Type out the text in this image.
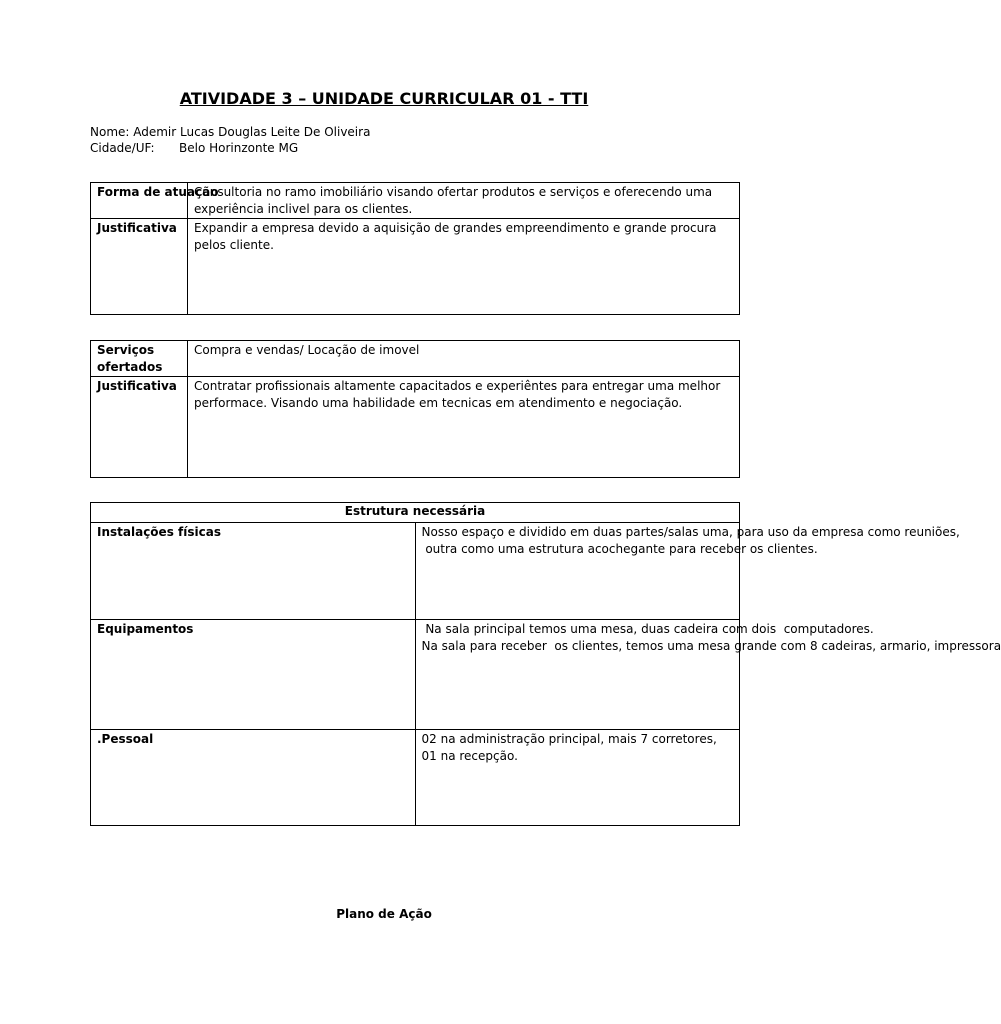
ATIVIDADE 3 – UNIDADE CURRICULAR 01 - TTI
Nome: Ademir Lucas Douglas Leite De Oliveira
Cidade/UF: Belo Horinzonte MG
Forma de atuação	Consultoria no ramo imobiliário visando ofertar produtos e serviços e oferecendo uma experiência inclivel para os clientes.
Justificativa	Expandir a empresa devido a aquisição de grandes empreendimento e grande procura pelos cliente.
Serviços ofertados	Compra e vendas/ Locação de imovel
Justificativa	Contratar profissionais altamente capacitados e experiêntes para entregar uma melhor performace. Visando uma habilidade em tecnicas em atendimento e negociação.
Estrutura necessária	
Instalações físicas	Nosso espaço e dividido em duas partes/salas uma, para uso da empresa como reuniões,
outra como uma estrutura acochegante para receber os clientes.

Equipamentos	Na sala principal temos uma mesa, duas cadeira com dois  computadores.
Na sala para receber  os clientes, temos uma mesa grande com 8 cadeiras, armario, impressora

.Pessoal	02 na administração principal, mais 7 corretores, 01 na recepção.
Plano de Ação
